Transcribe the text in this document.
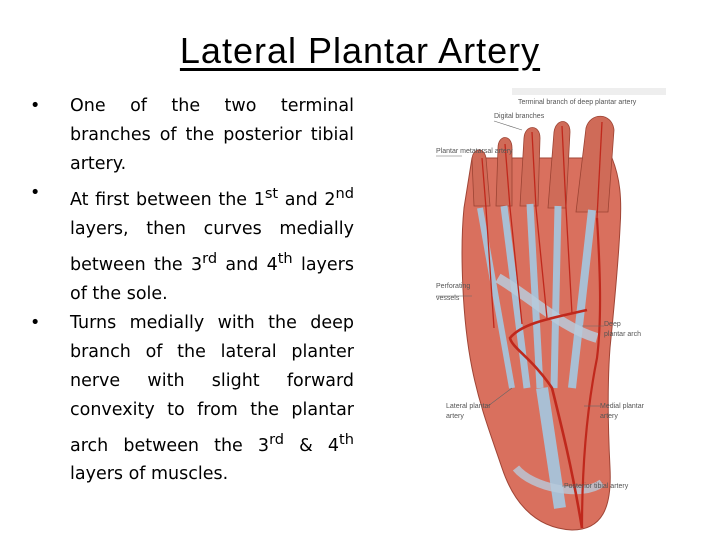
Lateral Plantar Artery
• One of the two terminal branches of the posterior tibial artery.
• At first between the 1st and 2nd layers, then curves medially between the 3rd and 4th layers of the sole.
• Turns medially with the deep branch of the lateral planter nerve with slight forward convexity to from the plantar arch between the 3rd & 4th layers of muscles.
Terminal branch of deep plantar artery
Digital branches
Plantar metatarsal artery
Perforating
vessels
Deep
plantar arch
Lateral plantar
artery
Medial plantar
artery
Posterior tibial artery
